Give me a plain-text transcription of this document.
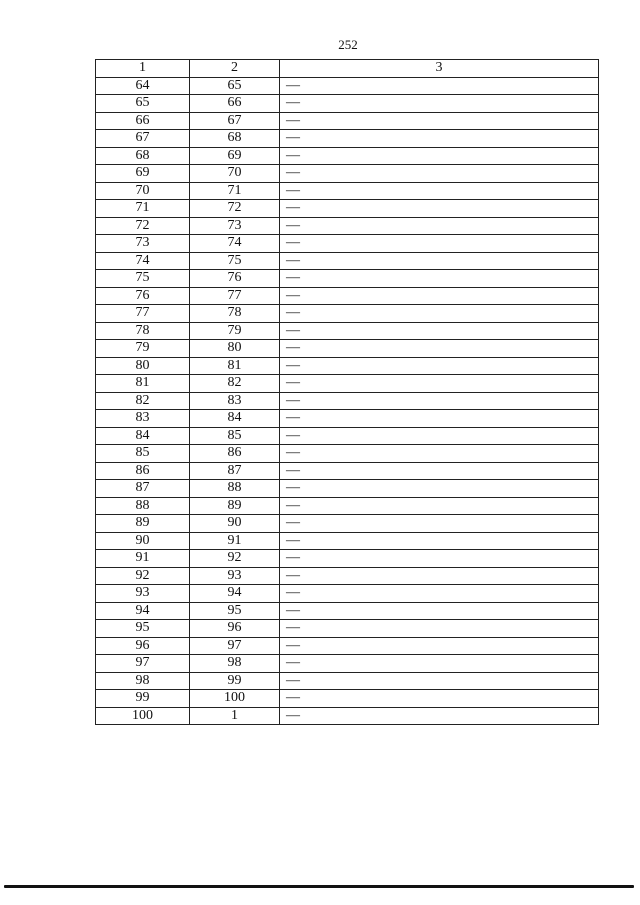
252
1	2	3
64	65	—
65	66	—
66	67	—
67	68	—
68	69	—
69	70	—
70	71	—
71	72	—
72	73	—
73	74	—
74	75	—
75	76	—
76	77	—
77	78	—
78	79	—
79	80	—
80	81	—
81	82	—
82	83	—
83	84	—
84	85	—
85	86	—
86	87	—
87	88	—
88	89	—
89	90	—
90	91	—
91	92	—
92	93	—
93	94	—
94	95	—
95	96	—
96	97	—
97	98	—
98	99	—
99	100	—
100	1	—
